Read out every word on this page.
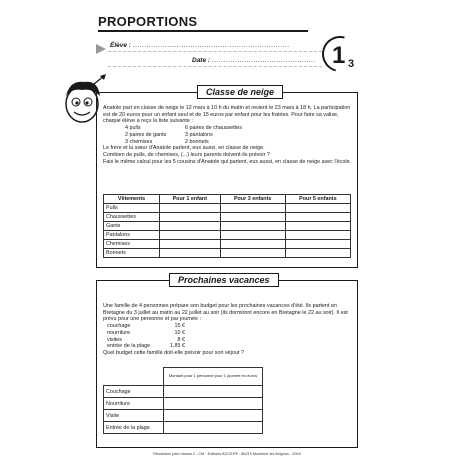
PROPORTIONS
Élève : ....................................................................
Date : ............................................. 1 3
Classe de neige
Anatole part en classe de neige le 12 mars à 10 h du matin et revient le 23 mars à 18 h. La participation est de 20 euros pour un enfant seul et de 15 euros par enfant pour les fratries. Pour faire sa valise, chaque élève a reçu la liste suivante :
4 pulls	6 paires de chaussettes
2 paires de gants	3 pantalons
3 chemises	2 bonnets
Le frère et la sœur d'Anatole partent, eux aussi, en classe de neige.
Combien de pulls, de chemises, (...) leurs parents doivent-ils prévoir ?
Fais le même calcul pour les 5 cousins d'Anatole qui partent, eux aussi, en classe de neige avec l'école.
Vêtements	Pour 1 enfant	Pour 3 enfants	Pour 5 enfants
Pulls			
Chaussettes			
Gants			
Pantalons			
Chemises			
Bonnets			
Prochaines vacances
Une famille de 4 personnes prépare son budget pour les prochaines vacances d'été. Ils partent en Bretagne du 3 juillet au matin au 22 juillet au soir (ils dormiront encore en Bretagne le 22 au soir). Il est prévu pour une personne et par journée :
couchage	15 €
nourriture	10 €
visites	8 €
entrée de la plage	1,85 €
Quel budget cette famille doit-elle prévoir pour son séjour ?
	Montant pour 1 personne pour 1 journée en euros
Couchage	
Nourriture	
Visite	
Entrée de la plage	
Résolution pam niveau 2 - CM - Editions ACCES® - 86210 Moulème les Avignon - 2004
